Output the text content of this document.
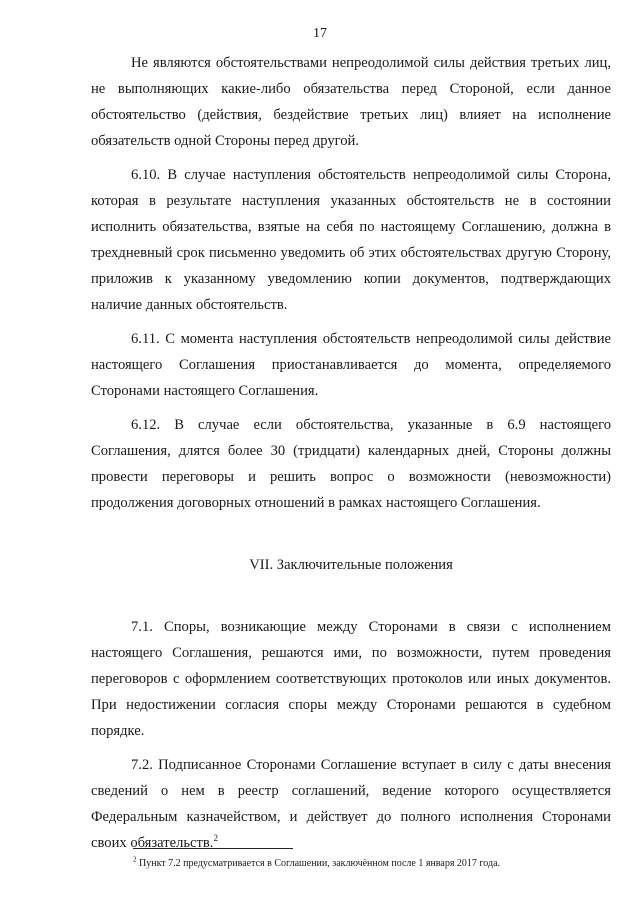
17

Не являются обстоятельствами непреодолимой силы действия третьих лиц, не выполняющих какие-либо обязательства перед Стороной, если данное обстоятельство (действия, бездействие третьих лиц) влияет на исполнение обязательств одной Стороны перед другой.

6.10. В случае наступления обстоятельств непреодолимой силы Сторона, которая в результате наступления указанных обстоятельств не в состоянии исполнить обязательства, взятые на себя по настоящему Соглашению, должна в трехдневный срок письменно уведомить об этих обстоятельствах другую Сторону, приложив к указанному уведомлению копии документов, подтверждающих наличие данных обстоятельств.

6.11. С момента наступления обстоятельств непреодолимой силы действие настоящего Соглашения приостанавливается до момента, определяемого Сторонами настоящего Соглашения.

6.12. В случае если обстоятельства, указанные в 6.9 настоящего Соглашения, длятся более 30 (тридцати) календарных дней, Стороны должны провести переговоры и решить вопрос о возможности (невозможности) продолжения договорных отношений в рамках настоящего Соглашения.

VII. Заключительные положения

7.1. Споры, возникающие между Сторонами в связи с исполнением настоящего Соглашения, решаются ими, по возможности, путем проведения переговоров с оформлением соответствующих протоколов или иных документов. При недостижении согласия споры между Сторонами решаются в судебном порядке.

7.2. Подписанное Сторонами Соглашение вступает в силу с даты внесения сведений о нем в реестр соглашений, ведение которого осуществляется Федеральным казначейством, и действует до полного исполнения Сторонами своих обязательств.$^2$

$^2$ Пункт 7.2 предусматривается в Соглашении, заключённом после 1 января 2017 года.
